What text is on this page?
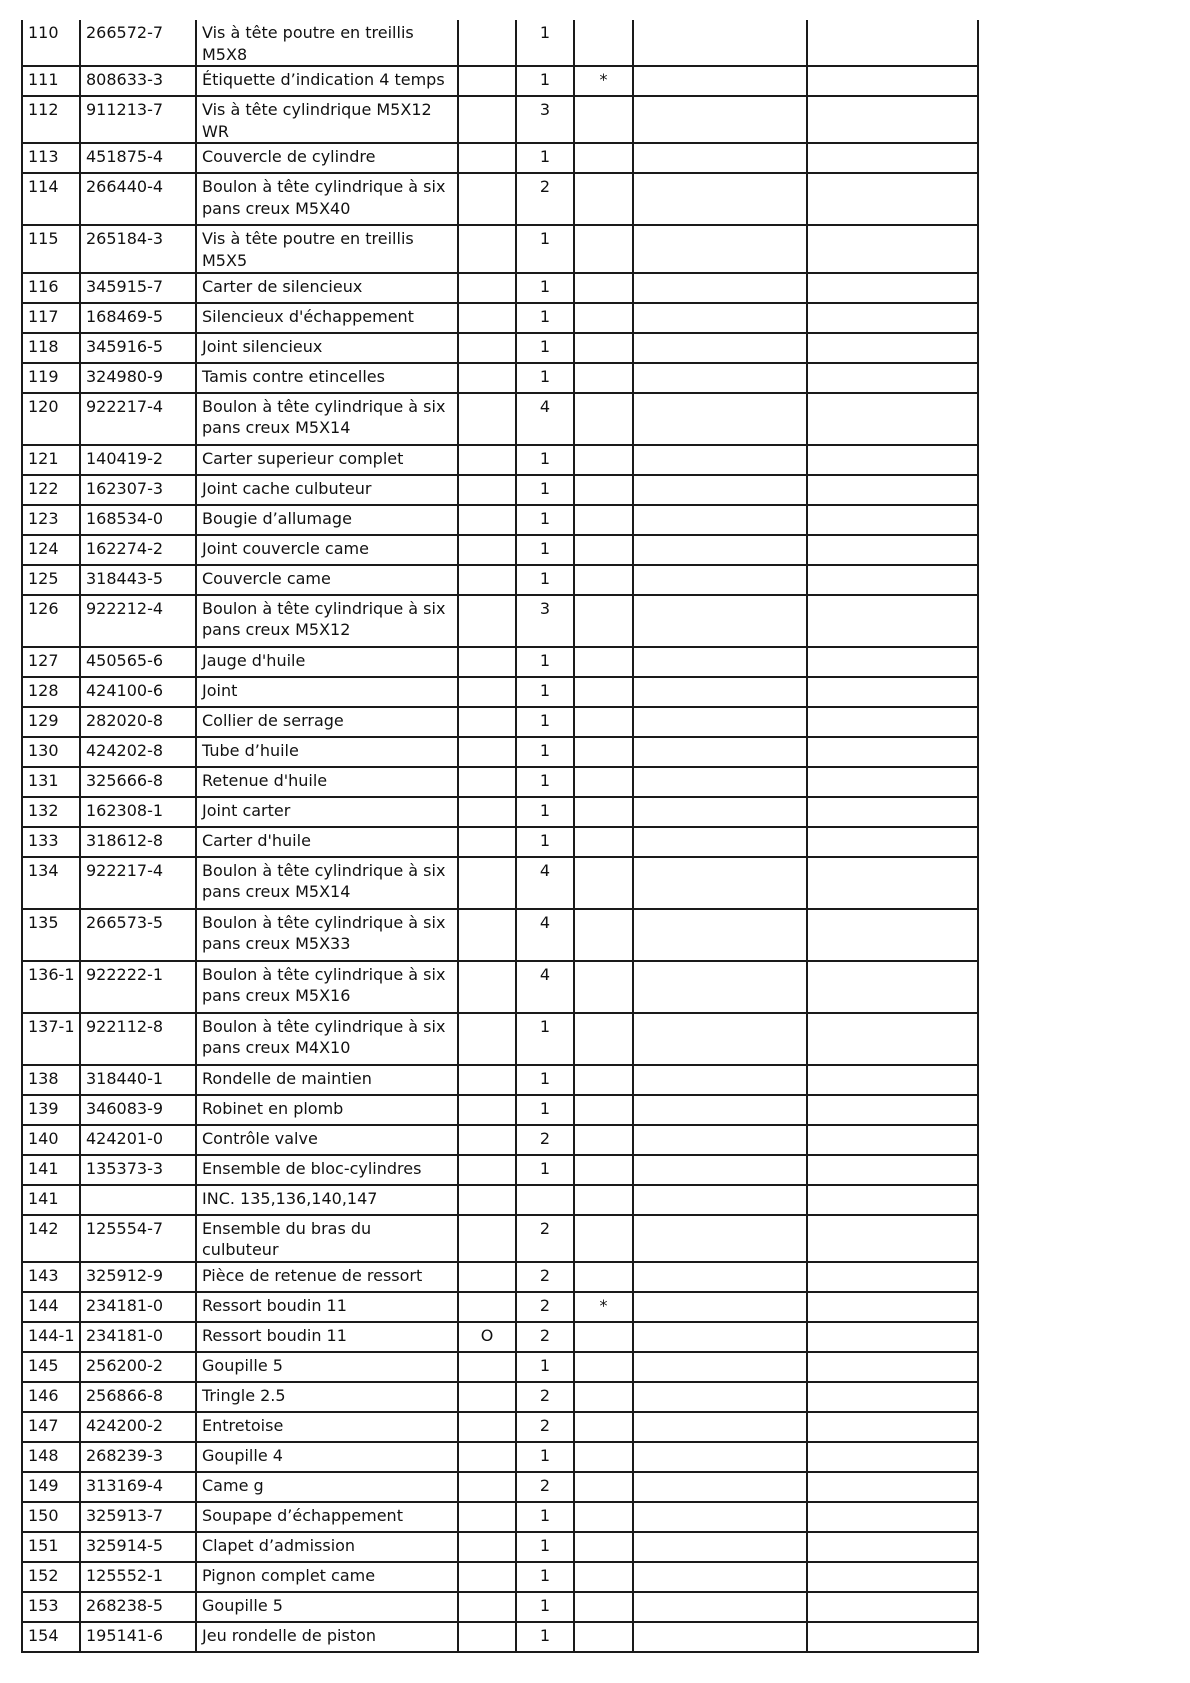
110	266572-7	Vis à tête poutre en treillis M5X8		1			
111	808633-3	Étiquette d’indication 4 temps		1	*		
112	911213-7	Vis à tête cylindrique M5X12 WR		3			
113	451875-4	Couvercle de cylindre		1			
114	266440-4	Boulon à tête cylindrique à six pans creux M5X40		2			
115	265184-3	Vis à tête poutre en treillis M5X5		1			
116	345915-7	Carter de silencieux		1			
117	168469-5	Silencieux d'échappement		1			
118	345916-5	Joint silencieux		1			
119	324980-9	Tamis contre etincelles		1			
120	922217-4	Boulon à tête cylindrique à six pans creux M5X14		4			
121	140419-2	Carter superieur complet		1			
122	162307-3	Joint cache culbuteur		1			
123	168534-0	Bougie d’allumage		1			
124	162274-2	Joint couvercle came		1			
125	318443-5	Couvercle came		1			
126	922212-4	Boulon à tête cylindrique à six pans creux M5X12		3			
127	450565-6	Jauge d'huile		1			
128	424100-6	Joint		1			
129	282020-8	Collier de serrage		1			
130	424202-8	Tube d’huile		1			
131	325666-8	Retenue d'huile		1			
132	162308-1	Joint carter		1			
133	318612-8	Carter d'huile		1			
134	922217-4	Boulon à tête cylindrique à six pans creux M5X14		4			
135	266573-5	Boulon à tête cylindrique à six pans creux M5X33		4			
136-1	922222-1	Boulon à tête cylindrique à six pans creux M5X16		4			
137-1	922112-8	Boulon à tête cylindrique à six pans creux M4X10		1			
138	318440-1	Rondelle de maintien		1			
139	346083-9	Robinet en plomb		1			
140	424201-0	Contrôle valve		2			
141	135373-3	Ensemble de bloc-cylindres		1			
141		INC. 135,136,140,147					
142	125554-7	Ensemble du bras du culbuteur		2			
143	325912-9	Pièce de retenue de ressort		2			
144	234181-0	Ressort boudin 11		2	*		
144-1	234181-0	Ressort boudin 11	O	2			
145	256200-2	Goupille 5		1			
146	256866-8	Tringle 2.5		2			
147	424200-2	Entretoise		2			
148	268239-3	Goupille 4		1			
149	313169-4	Came g		2			
150	325913-7	Soupape d’échappement		1			
151	325914-5	Clapet d’admission		1			
152	125552-1	Pignon complet came		1			
153	268238-5	Goupille 5		1			
154	195141-6	Jeu rondelle de piston		1			
